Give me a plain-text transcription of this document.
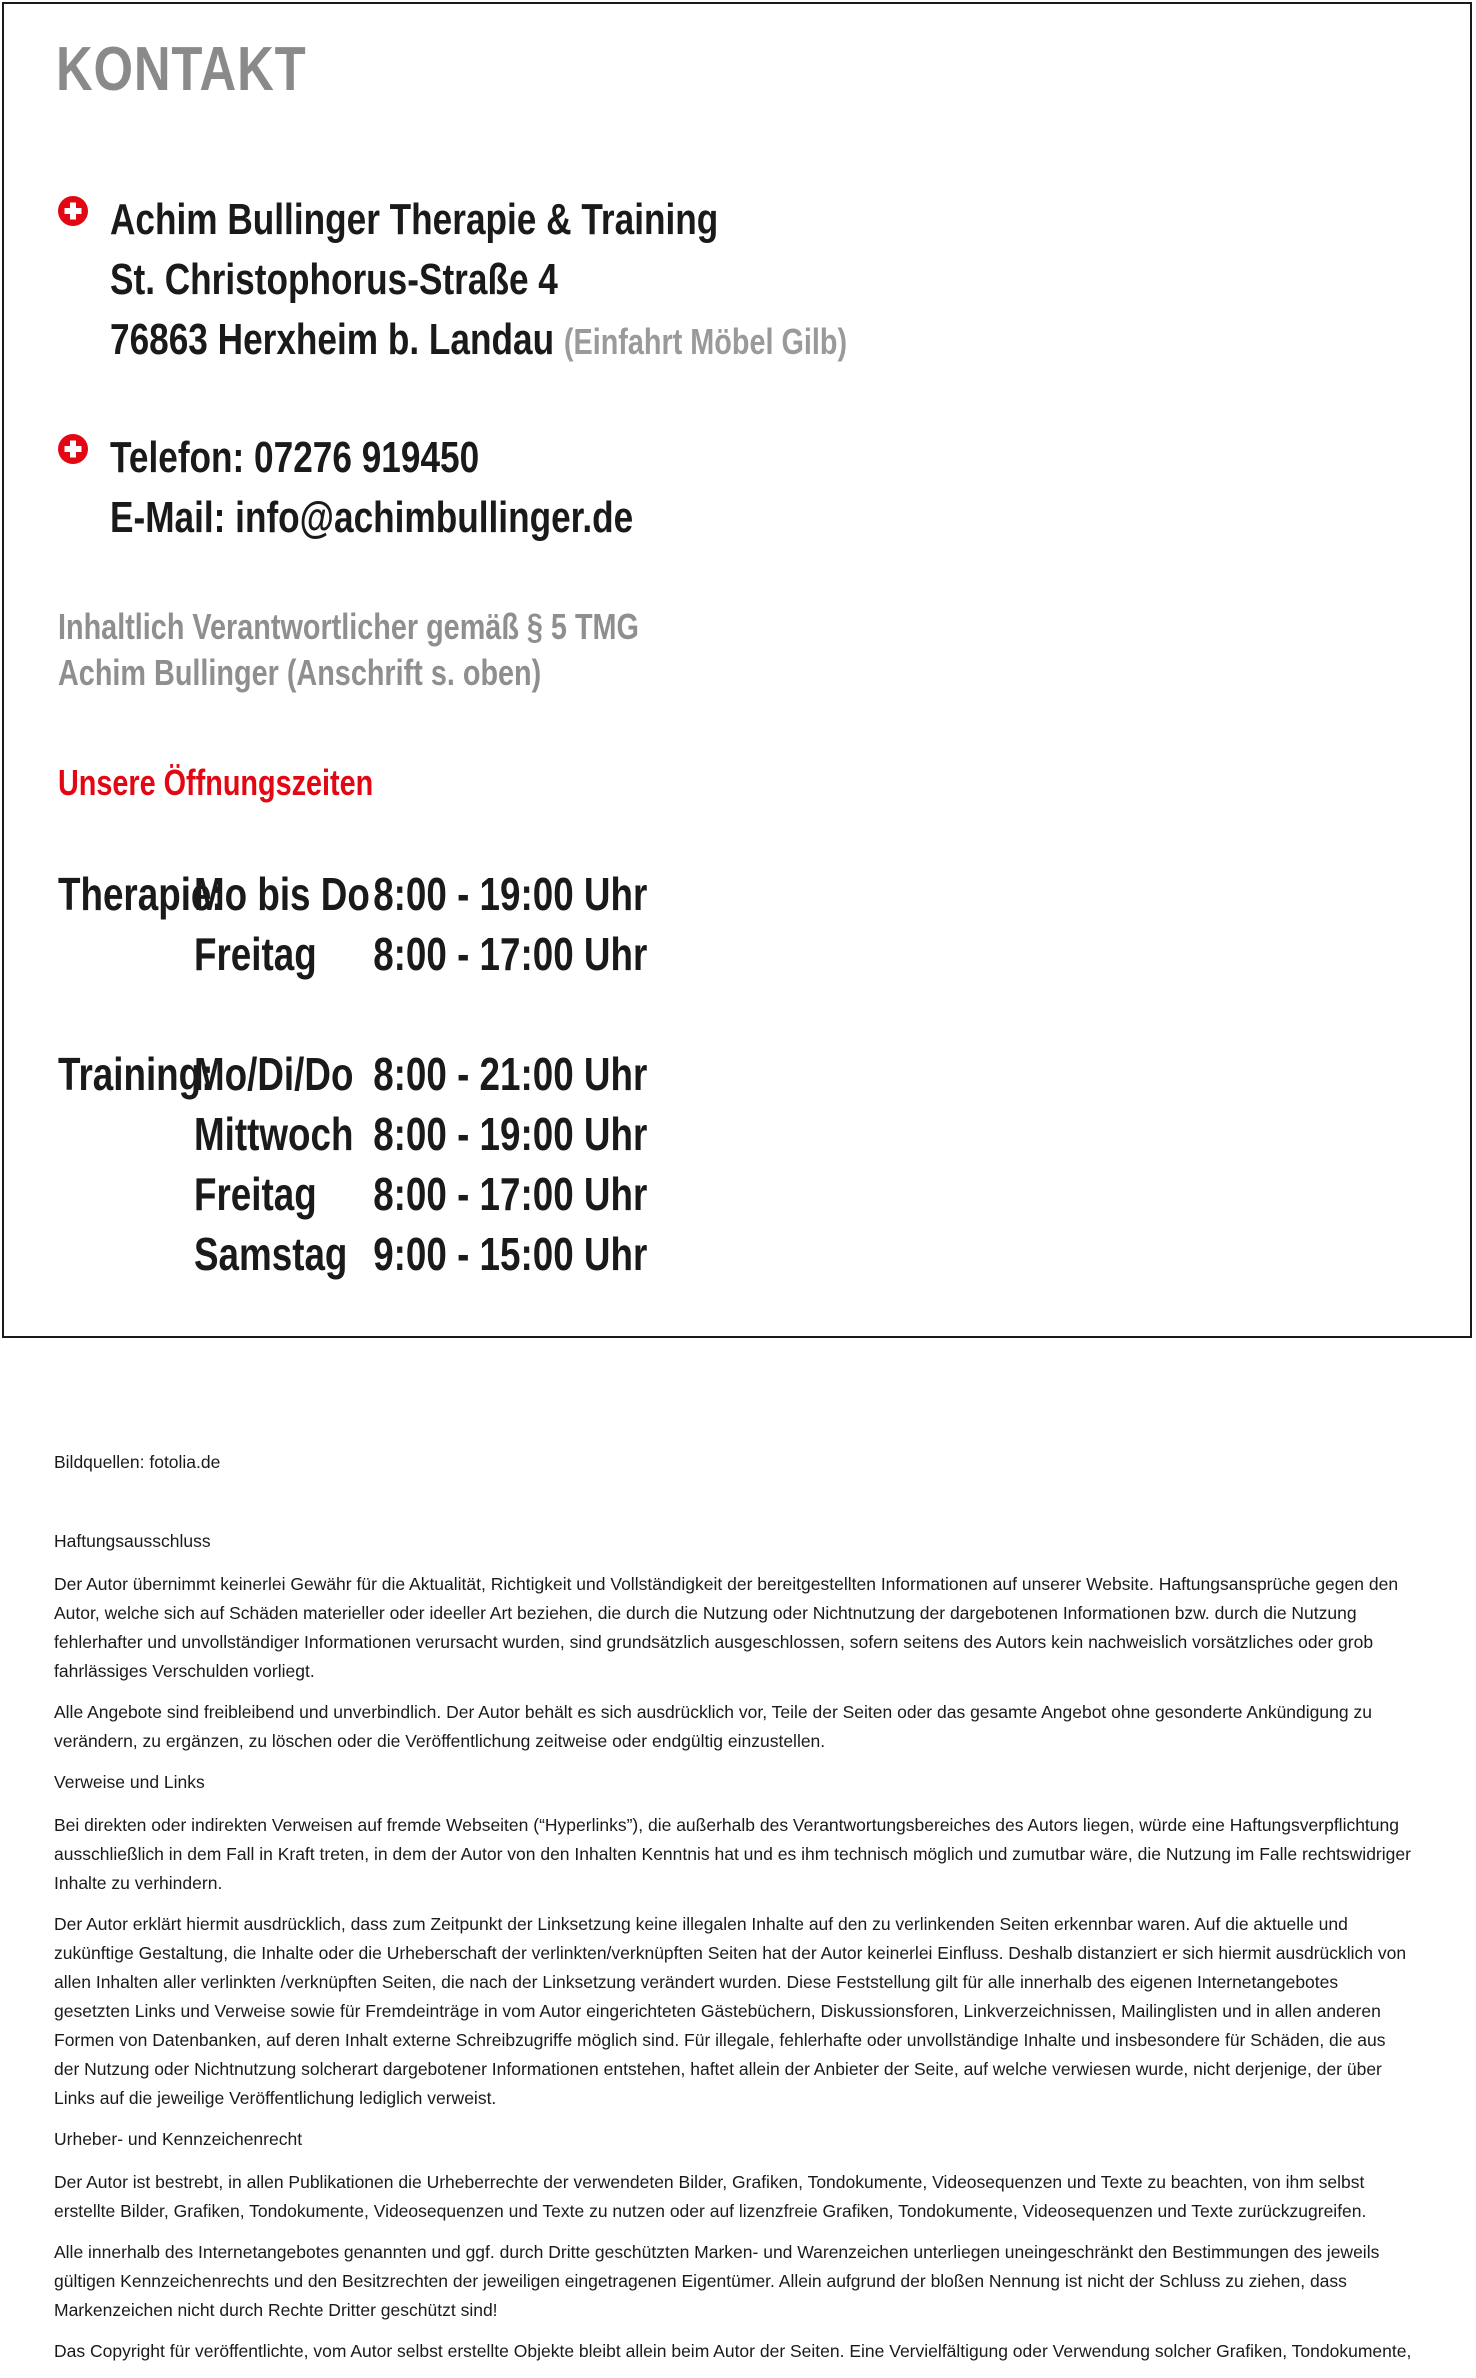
KONTAKT
Achim Bullinger Therapie & Training
St. Christophorus-Straße 4
76863 Herxheim b. Landau (Einfahrt Möbel Gilb)
Telefon: 07276 919450
E-Mail: info@achimbullinger.de
Inhaltlich Verantwortlicher gemäß § 5 TMG
Achim Bullinger (Anschrift s. oben)
Unsere Öffnungszeiten
Therapie:
Mo bis Do 8:00 - 19:00 Uhr
Freitag 8:00 - 17:00 Uhr
Training:
Mo/Di/Do 8:00 - 21:00 Uhr
Mittwoch 8:00 - 19:00 Uhr
Freitag 8:00 - 17:00 Uhr
Samstag 9:00 - 15:00 Uhr

Bildquellen: fotolia.de

Haftungsausschluss

Der Autor übernimmt keinerlei Gewähr für die Aktualität, Richtigkeit und Vollständigkeit der bereitgestellten Informationen auf unserer Website. Haftungsansprüche gegen den Autor, welche sich auf Schäden materieller oder ideeller Art beziehen, die durch die Nutzung oder Nichtnutzung der dargebotenen Informationen bzw. durch die Nutzung fehlerhafter und unvollständiger Informationen verursacht wurden, sind grundsätzlich ausgeschlossen, sofern seitens des Autors kein nachweislich vorsätzliches oder grob fahrlässiges Verschulden vorliegt.

Alle Angebote sind freibleibend und unverbindlich. Der Autor behält es sich ausdrücklich vor, Teile der Seiten oder das gesamte Angebot ohne gesonderte Ankündigung zu verändern, zu ergänzen, zu löschen oder die Veröffentlichung zeitweise oder endgültig einzustellen.

Verweise und Links

Bei direkten oder indirekten Verweisen auf fremde Webseiten (“Hyperlinks”), die außerhalb des Verantwortungsbereiches des Autors liegen, würde eine Haftungsverpflichtung ausschließlich in dem Fall in Kraft treten, in dem der Autor von den Inhalten Kenntnis hat und es ihm technisch möglich und zumutbar wäre, die Nutzung im Falle rechtswidriger Inhalte zu verhindern.

Der Autor erklärt hiermit ausdrücklich, dass zum Zeitpunkt der Linksetzung keine illegalen Inhalte auf den zu verlinkenden Seiten erkennbar waren. Auf die aktuelle und zukünftige Gestaltung, die Inhalte oder die Urheberschaft der verlinkten/verknüpften Seiten hat der Autor keinerlei Einfluss. Deshalb distanziert er sich hiermit ausdrücklich von allen Inhalten aller verlinkten /verknüpften Seiten, die nach der Linksetzung verändert wurden. Diese Feststellung gilt für alle innerhalb des eigenen Internetangebotes gesetzten Links und Verweise sowie für Fremdeinträge in vom Autor eingerichteten Gästebüchern, Diskussionsforen, Linkverzeichnissen, Mailinglisten und in allen anderen Formen von Datenbanken, auf deren Inhalt externe Schreibzugriffe möglich sind. Für illegale, fehlerhafte oder unvollständige Inhalte und insbesondere für Schäden, die aus der Nutzung oder Nichtnutzung solcherart dargebotener Informationen entstehen, haftet allein der Anbieter der Seite, auf welche verwiesen wurde, nicht derjenige, der über Links auf die jeweilige Veröffentlichung lediglich verweist.

Urheber- und Kennzeichenrecht

Der Autor ist bestrebt, in allen Publikationen die Urheberrechte der verwendeten Bilder, Grafiken, Tondokumente, Videosequenzen und Texte zu beachten, von ihm selbst erstellte Bilder, Grafiken, Tondokumente, Videosequenzen und Texte zu nutzen oder auf lizenzfreie Grafiken, Tondokumente, Videosequenzen und Texte zurückzugreifen.

Alle innerhalb des Internetangebotes genannten und ggf. durch Dritte geschützten Marken- und Warenzeichen unterliegen uneingeschränkt den Bestimmungen des jeweils gültigen Kennzeichenrechts und den Besitzrechten der jeweiligen eingetragenen Eigentümer. Allein aufgrund der bloßen Nennung ist nicht der Schluss zu ziehen, dass Markenzeichen nicht durch Rechte Dritter geschützt sind!

Das Copyright für veröffentlichte, vom Autor selbst erstellte Objekte bleibt allein beim Autor der Seiten. Eine Vervielfältigung oder Verwendung solcher Grafiken, Tondokumente,
